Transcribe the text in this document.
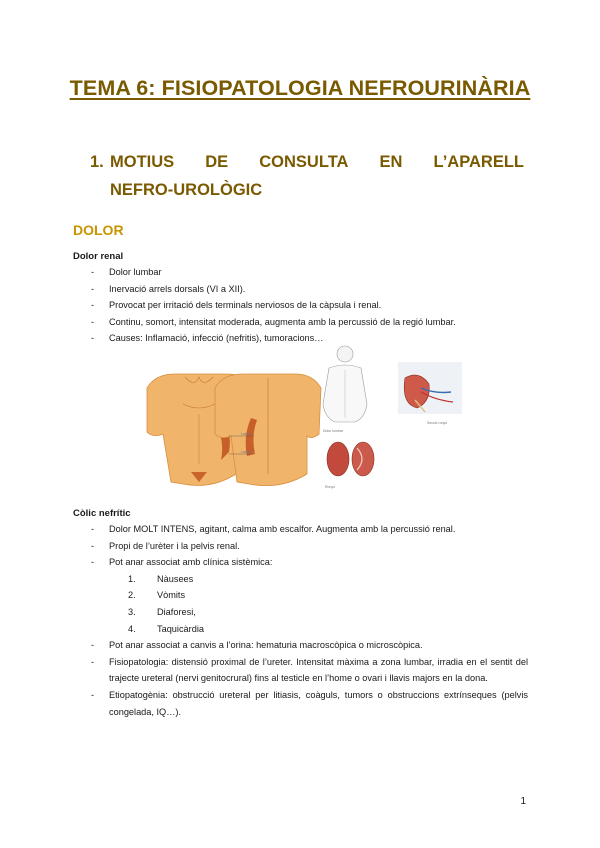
TEMA 6: FISIOPATOLOGIA NEFROURINÀRIA
1. MOTIUS DE CONSULTA EN L’APARELL
NEFRO-UROLÒGIC
DOLOR
Dolor renal
- Dolor lumbar
- Inervació arrels dorsals (VI a XII).
- Provocat per irritació dels terminals nerviosos de la càpsula i renal.
- Continu, somort, intensitat moderada, augmenta amb la percussió de la regió lumbar.
- Causes: Inflamació, infecció (nefritis), tumoracions…
Label A
Label B
Dolor lumbar
Ronyó
Secció ronyó
Còlic nefrític
- Dolor MOLT INTENS, agitant, calma amb escalfor. Augmenta amb la percussió renal.
- Propi de l’urèter i la pelvis renal.
- Pot anar associat amb clínica sistèmica:
1. Nàusees
2. Vòmits
3. Diaforesi,
4. Taquicàrdia
- Pot anar associat a canvis a l’orina: hematuria macroscòpica o microscòpica.
- Fisiopatologia: distensió proximal de l’ureter. Intensitat màxima a zona lumbar, irradia en el sentit del trajecte ureteral (nervi genitocrural) fins al testicle en l’home o ovari i llavis majors en la dona.
- Etiopatogènia: obstrucció ureteral per litiasis, coàguls, tumors o obstruccions extrínseques (pelvis congelada, IQ…).
1
